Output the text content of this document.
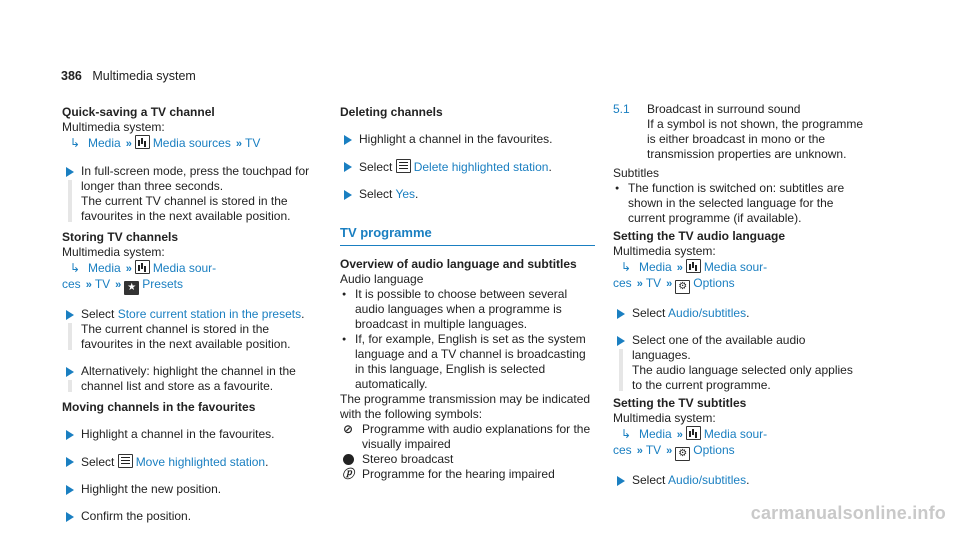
386 Multimedia system
Quick-saving a TV channel
Multimedia system:
↳ Media » Media sources » TV
In full-screen mode, press the touchpad for longer than three seconds.
The current TV channel is stored in the favourites in the next available position.
Storing TV channels
Multimedia system:
↳ Media » Media sour-
ces » TV » ★ Presets
Select Store current station in the presets.
The current channel is stored in the favourites in the next available position.
Alternatively: highlight the channel in the channel list and store as a favourite.
Moving channels in the favourites
Highlight a channel in the favourites.
Select Move highlighted station.
Highlight the new position.
Confirm the position.
Deleting channels
Highlight a channel in the favourites.
Select Delete highlighted station.
Select Yes.
TV programme
Overview of audio language and subtitles
Audio language
● It is possible to choose between several audio languages when a programme is broadcast in multiple languages.
● If, for example, English is set as the system language and a TV channel is broadcasting in this language, English is selected automatically.
The programme transmission may be indicated with the following symbols:
⊘ Programme with audio explanations for the visually impaired
Stereo broadcast
ⓟ Programme for the hearing impaired
5.1 Broadcast in surround sound
If a symbol is not shown, the programme is either broadcast in mono or the transmission properties are unknown.
Subtitles
● The function is switched on: subtitles are shown in the selected language for the current programme (if available).
Setting the TV audio language
Multimedia system:
↳ Media » Media sour-
ces » TV » ⚙ Options
Select Audio/subtitles.
Select one of the available audio languages.
The audio language selected only applies to the current programme.
Setting the TV subtitles
Multimedia system:
↳ Media » Media sour-
ces » TV » ⚙ Options
Select Audio/subtitles.
carmanualsonline.info
